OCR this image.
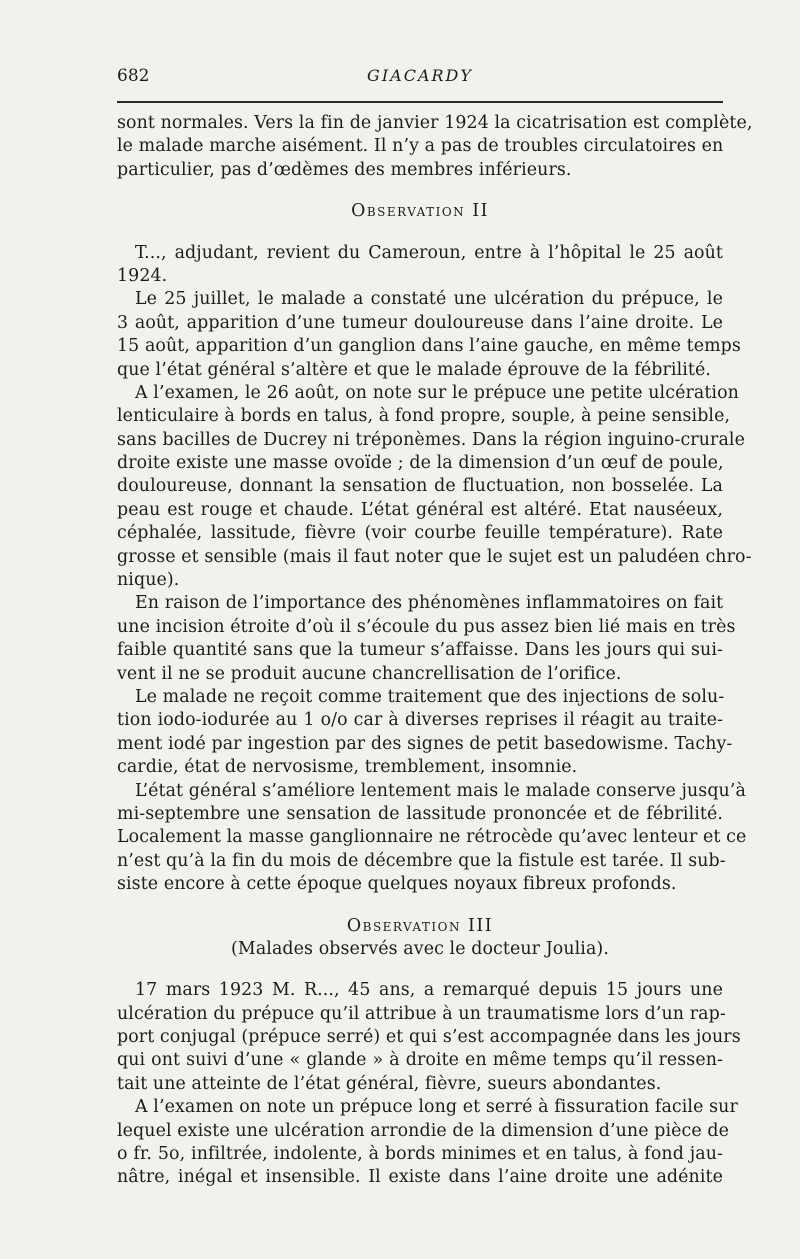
682	GIACARDY
sont normales. Vers la fin de janvier 1924 la cicatrisation est complète,
le malade marche aisément. Il n’y a pas de troubles circulatoires en
particulier, pas d’œdèmes des membres inférieurs.
Observation II
T..., adjudant, revient du Cameroun, entre à l’hôpital le 25 août
1924.
Le 25 juillet, le malade a constaté une ulcération du prépuce, le
3 août, apparition d’une tumeur douloureuse dans l’aine droite. Le
15 août, apparition d’un ganglion dans l’aine gauche, en même temps
que l’état général s’altère et que le malade éprouve de la fébrilité.
A l’examen, le 26 août, on note sur le prépuce une petite ulcération
lenticulaire à bords en talus, à fond propre, souple, à peine sensible,
sans bacilles de Ducrey ni tréponèmes. Dans la région inguino-crurale
droite existe une masse ovoïde ; de la dimension d’un œuf de poule,
douloureuse, donnant la sensation de fluctuation, non bosselée. La
peau est rouge et chaude. L’état général est altéré. Etat nauséeux,
céphalée, lassitude, fièvre (voir courbe feuille température). Rate
grosse et sensible (mais il faut noter que le sujet est un paludéen chro-
nique).
En raison de l’importance des phénomènes inflammatoires on fait
une incision étroite d’où il s’écoule du pus assez bien lié mais en très
faible quantité sans que la tumeur s’affaisse. Dans les jours qui sui-
vent il ne se produit aucune chancrellisation de l’orifice.
Le malade ne reçoit comme traitement que des injections de solu-
tion iodo-iodurée au 1 o/o car à diverses reprises il réagit au traite-
ment iodé par ingestion par des signes de petit basedowisme. Tachy-
cardie, état de nervosisme, tremblement, insomnie.
L’état général s’améliore lentement mais le malade conserve jusqu’à
mi-septembre une sensation de lassitude prononcée et de fébrilité.
Localement la masse ganglionnaire ne rétrocède qu’avec lenteur et ce
n’est qu’à la fin du mois de décembre que la fistule est tarée. Il sub-
siste encore à cette époque quelques noyaux fibreux profonds.
Observation III
(Malades observés avec le docteur Joulia).
17 mars 1923 M. R..., 45 ans, a remarqué depuis 15 jours une
ulcération du prépuce qu’il attribue à un traumatisme lors d’un rap-
port conjugal (prépuce serré) et qui s’est accompagnée dans les jours
qui ont suivi d’une « glande » à droite en même temps qu’il ressen-
tait une atteinte de l’état général, fièvre, sueurs abondantes.
A l’examen on note un prépuce long et serré à fissuration facile sur
lequel existe une ulcération arrondie de la dimension d’une pièce de
o fr. 5o, infiltrée, indolente, à bords minimes et en talus, à fond jau-
nâtre, inégal et insensible. Il existe dans l’aine droite une adénite
